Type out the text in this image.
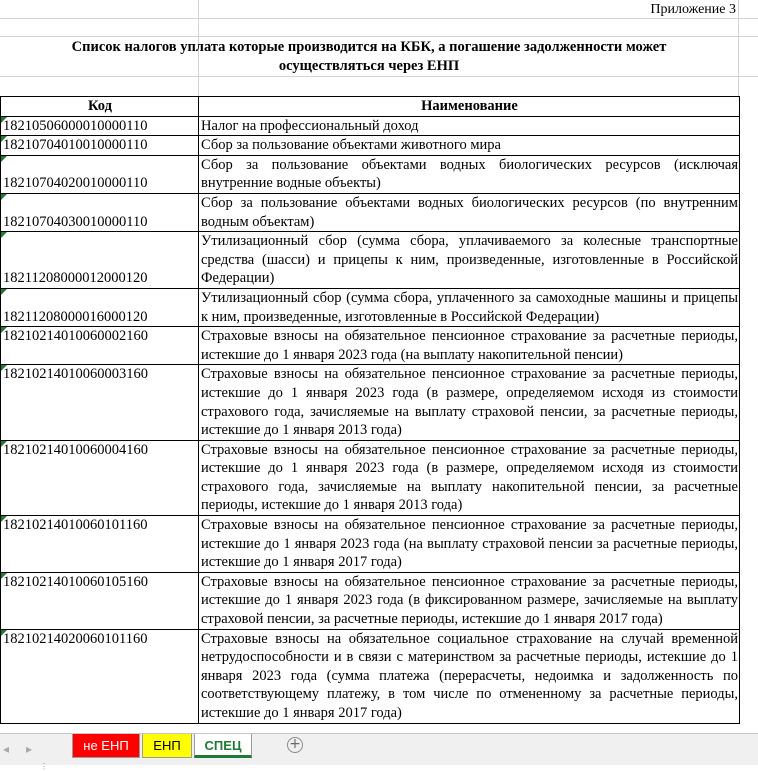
Приложение 3
Список налогов уплата которые производится на КБК, а погашение задолженности может
осуществляться через ЕНП
Код	Наименование
18210506000010000110	Налог на профессиональный доход
18210704010010000110	Сбор за пользование объектами животного мира
18210704020010000110	Сбор за пользование объектами водных биологических ресурсов (исключая внутренние водные объекты)
18210704030010000110	Сбор за пользование объектами водных биологических ресурсов (по внутренним водным объектам)
18211208000012000120	Утилизационный сбор (сумма сбора, уплачиваемого за колесные транспортные средства (шасси) и прицепы к ним, произведенные, изготовленные в Российской Федерации)
18211208000016000120	Утилизационный сбор (сумма сбора, уплаченного за самоходные машины и прицепы к ним, произведенные, изготовленные в Российской Федерации)
18210214010060002160	Страховые взносы на обязательное пенсионное страхование за расчетные периоды, истекшие до 1 января 2023 года (на выплату накопительной пенсии)
18210214010060003160	Страховые взносы на обязательное пенсионное страхование за расчетные периоды, истекшие до 1 января 2023 года (в размере, определяемом исходя из стоимости страхового года, зачисляемые на выплату страховой пенсии, за расчетные периоды, истекшие до 1 января 2013 года)
18210214010060004160	Страховые взносы на обязательное пенсионное страхование за расчетные периоды, истекшие до 1 января 2023 года (в размере, определяемом исходя из стоимости страхового года, зачисляемые на выплату накопительной пенсии, за расчетные периоды, истекшие до 1 января 2013 года)
18210214010060101160	Страховые взносы на обязательное пенсионное страхование за расчетные периоды, истекшие до 1 января 2023 года (на выплату страховой пенсии за расчетные периоды, истекшие до 1 января 2017 года)
18210214010060105160	Страховые взносы на обязательное пенсионное страхование за расчетные периоды, истекшие до 1 января 2023 года (в фиксированном размере, зачисляемые на выплату страховой пенсии, за расчетные периоды, истекшие до 1 января 2017 года)
18210214020060101160	Страховые взносы на обязательное социальное страхование на случай временной нетрудоспособности и в связи с материнством за расчетные периоды, истекшие до 1 января 2023 года (сумма платежа (перерасчеты, недоимка и задолженность по соответствующему платежу, в том числе по отмененному за расчетные периоды, истекшие до 1 января 2017 года)
◂ ▸	не ЕНП	ЕНП	СПЕЦ	+
⋮
